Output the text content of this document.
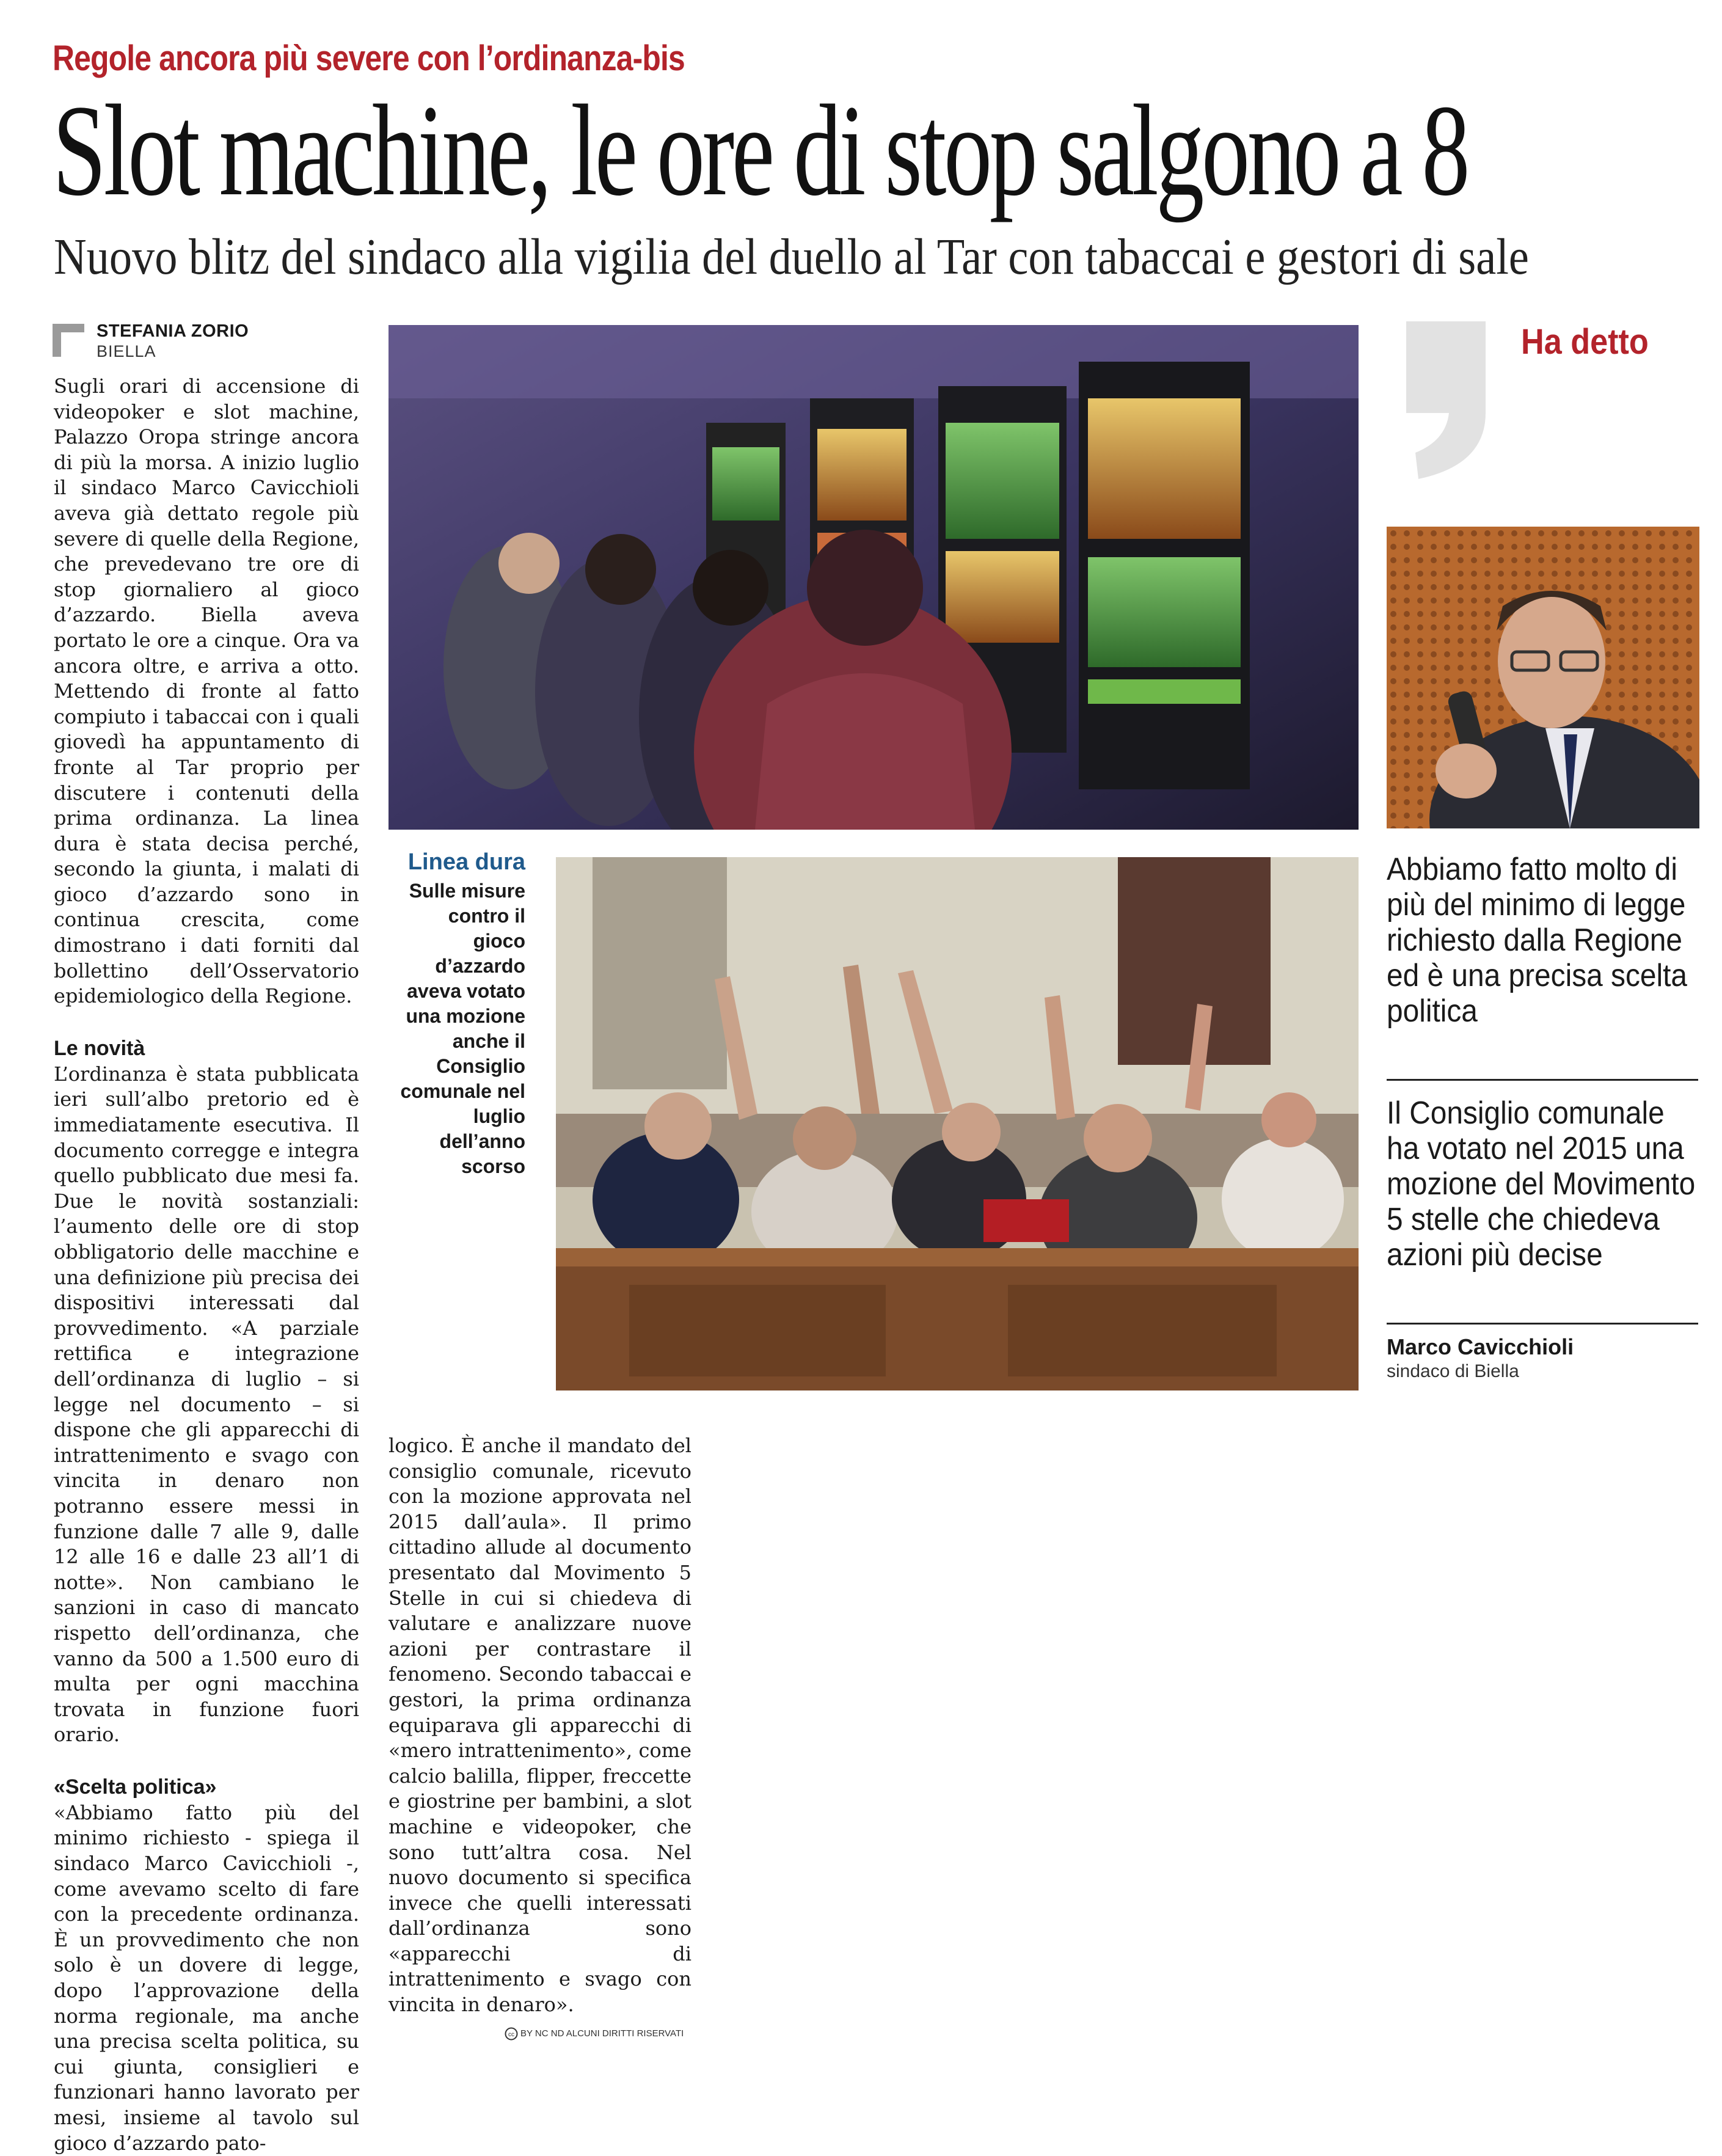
Regole ancora più severe con l’ordinanza-bis
Slot machine, le ore di stop salgono a 8
Nuovo blitz del sindaco alla vigilia del duello al Tar con tabaccai e gestori di sale
STEFANIA ZORIO
BIELLA

Sugli orari di accensione di videopoker e slot machine, Palazzo Oropa stringe ancora di più la morsa. A inizio luglio il sindaco Marco Cavicchioli aveva già dettato regole più severe di quelle della Regione, che prevedevano tre ore di stop giornaliero al gioco d’azzardo. Biella aveva portato le ore a cinque. Ora va ancora oltre, e arriva a otto. Mettendo di fronte al fatto compiuto i tabaccai con i quali giovedì ha appuntamento di fronte al Tar proprio per discutere i contenuti della prima ordinanza. La linea dura è stata decisa perché, secondo la giunta, i malati di gioco d’azzardo sono in continua crescita, come dimostrano i dati forniti dal bollettino dell’Osservatorio epidemiologico della Regione.

Le novità

L’ordinanza è stata pubblicata ieri sull’albo pretorio ed è immediatamente esecutiva. Il documento corregge e integra quello pubblicato due mesi fa. Due le novità sostanziali: l’aumento delle ore di stop obbligatorio delle macchine e una definizione più precisa dei dispositivi interessati dal provvedimento. «A parziale rettifica e integrazione dell’ordinanza di luglio – si legge nel documento – si dispone che gli apparecchi di intrattenimento e svago con vincita in denaro non potranno essere messi in funzione dalle 7 alle 9, dalle 12 alle 16 e dalle 23 all’1 di notte». Non cambiano le sanzioni in caso di mancato rispetto dell’ordinanza, che vanno da 500 a 1.500 euro di multa per ogni macchina trovata in funzione fuori orario.

«Scelta politica»

«Abbiamo fatto più del minimo richiesto - spiega il sindaco Marco Cavicchioli -, come avevamo scelto di fare con la precedente ordinanza. È un provvedimento che non solo è un dovere di legge, dopo l’approvazione della norma regionale, ma anche una precisa scelta politica, su cui giunta, consiglieri e funzionari hanno lavorato per mesi, insieme al tavolo sul gioco d’azzardo pato-

logico. È anche il mandato del consiglio comunale, ricevuto con la mozione approvata nel 2015 dall’aula». Il primo cittadino allude al documento presentato dal Movimento 5 Stelle in cui si chiedeva di valutare e analizzare nuove azioni per contrastare il fenomeno. Secondo tabaccai e gestori, la prima ordinanza equiparava gli apparecchi di «mero intrattenimento», come calcio balilla, flipper, freccette e giostrine per bambini, a slot machine e videopoker, che sono tutt’altra cosa. Nel nuovo documento si specifica invece che quelli interessati dall’ordinanza sono «apparecchi di intrattenimento e svago con vincita in denaro».

Linea dura
Sulle misure contro il gioco d’azzardo aveva votato una mozione anche il Consiglio comunale nel luglio dell’anno scorso
Ha detto
Abbiamo fatto molto di più del minimo di legge richiesto dalla Regione ed è una precisa scelta politica
Il Consiglio comunale ha votato nel 2015 una mozione del Movimento 5 stelle che chiedeva azioni più decise
Marco Cavicchioli
sindaco di Biella
cc BY NC ND ALCUNI DIRITTI RISERVATI
